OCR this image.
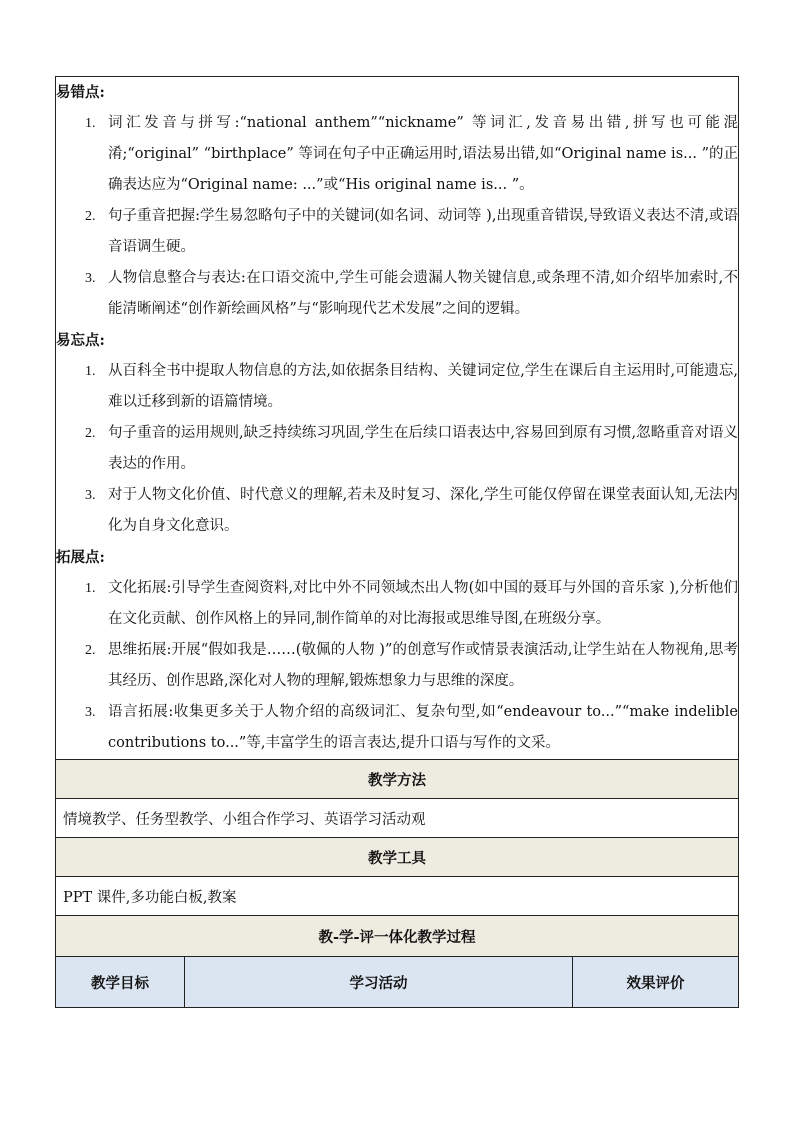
易错点:
1. 词汇发音与拼写:“national anthem”“nickname” 等词汇,发音易出错,拼写也可能混淆;“original” “birthplace” 等词在句子中正确运用时,语法易出错,如“Original name is... ”的正确表达应为“Original name: ...”或“His original name is... ”。
2. 句子重音把握:学生易忽略句子中的关键词(如名词、动词等 ),出现重音错误,导致语义表达不清,或语音语调生硬。
3. 人物信息整合与表达:在口语交流中,学生可能会遗漏人物关键信息,或条理不清,如介绍毕加索时,不能清晰阐述“创作新绘画风格”与“影响现代艺术发展”之间的逻辑。
易忘点:
1. 从百科全书中提取人物信息的方法,如依据条目结构、关键词定位,学生在课后自主运用时,可能遗忘,难以迁移到新的语篇情境。
2. 句子重音的运用规则,缺乏持续练习巩固,学生在后续口语表达中,容易回到原有习惯,忽略重音对语义表达的作用。
3. 对于人物文化价值、时代意义的理解,若未及时复习、深化,学生可能仅停留在课堂表面认知,无法内化为自身文化意识。
拓展点:
1. 文化拓展:引导学生查阅资料,对比中外不同领域杰出人物(如中国的聂耳与外国的音乐家 ),分析他们在文化贡献、创作风格上的异同,制作简单的对比海报或思维导图,在班级分享。
2. 思维拓展:开展“假如我是……(敬佩的人物 )”的创意写作或情景表演活动,让学生站在人物视角,思考其经历、创作思路,深化对人物的理解,锻炼想象力与思维的深度。
3. 语言拓展:收集更多关于人物介绍的高级词汇、复杂句型,如“endeavour to...”“make indelible contributions to...”等,丰富学生的语言表达,提升口语与写作的文采。

教学方法
情境教学、任务型教学、小组合作学习、英语学习活动观
教学工具
PPT 课件,多功能白板,教案
教-学-评一体化教学过程
教学目标	学习活动	效果评价
